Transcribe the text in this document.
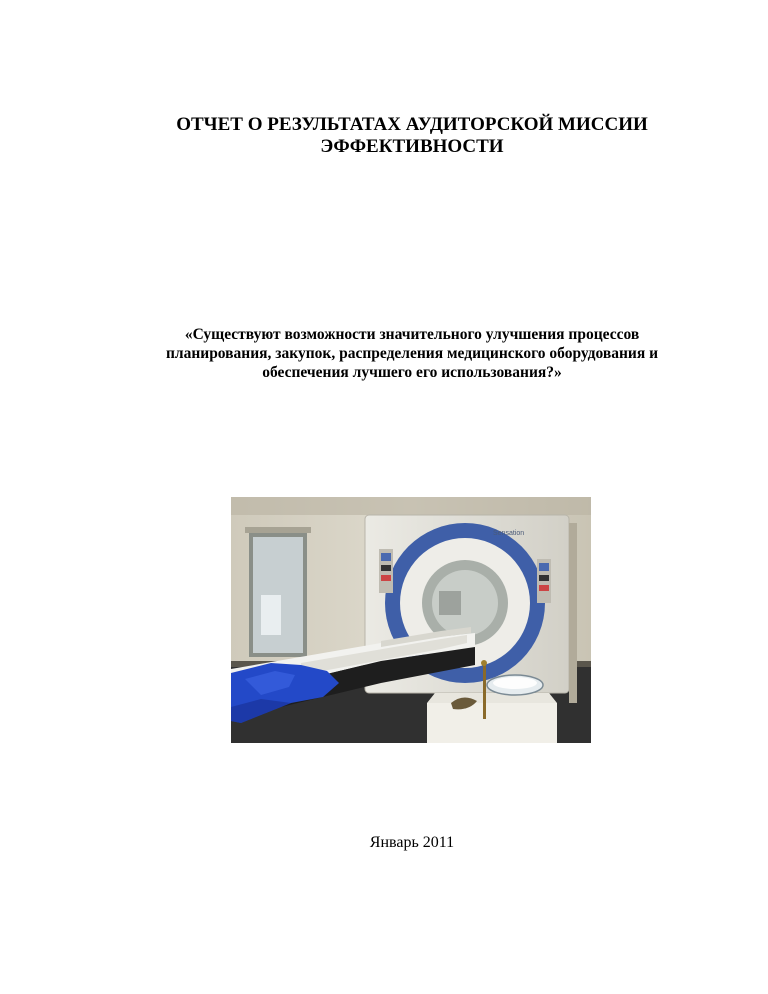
ОТЧЕТ О РЕЗУЛЬТАТАХ АУДИТОРСКОЙ МИССИИ
ЭФФЕКТИВНОСТИ
«Существуют возможности значительного улучшения процессов
планирования, закупок, распределения медицинского оборудования и
обеспечения лучшего его использования?»
Sensation
Январь 2011
